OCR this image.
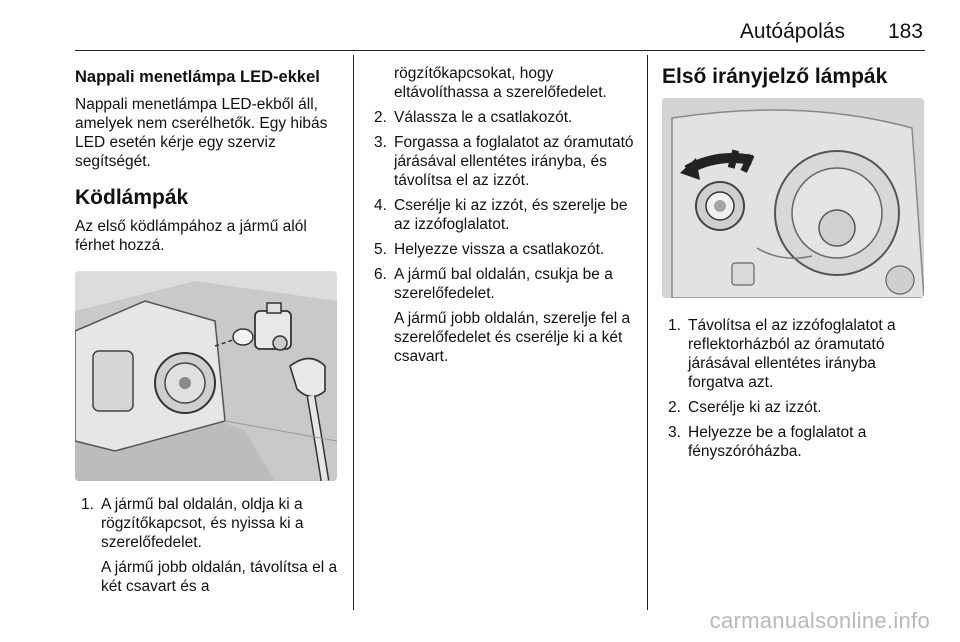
Autóápolás 183
Nappali menetlámpa LED-ekkel

Nappali menetlámpa LED-ekből áll, amelyek nem cserélhetők. Egy hibás LED esetén kérje egy szerviz segítségét.

Ködlámpák

Az első ködlámpához a jármű alól férhet hozzá.

1. A jármű bal oldalán, oldja ki a rögzítőkapcsot, és nyissa ki a szerelőfedelet.
A jármű jobb oldalán, távolítsa el a két csavart és a
rögzítőkapcsokat, hogy eltávolíthassa a szerelőfedelet.
2. Válassza le a csatlakozót.
3. Forgassa a foglalatot az óramutató járásával ellentétes irányba, és távolítsa el az izzót.
4. Cserélje ki az izzót, és szerelje be az izzófoglalatot.
5. Helyezze vissza a csatlakozót.
6. A jármű bal oldalán, csukja be a szerelőfedelet.
A jármű jobb oldalán, szerelje fel a szerelőfedelet és cserélje ki a két csavart.
Első irányjelző lámpák
1. Távolítsa el az izzófoglalatot a reflektorházból az óramutató járásával ellentétes irányba forgatva azt.
2. Cserélje ki az izzót.
3. Helyezze be a foglalatot a fényszóróházba.
carmanualsonline.info
